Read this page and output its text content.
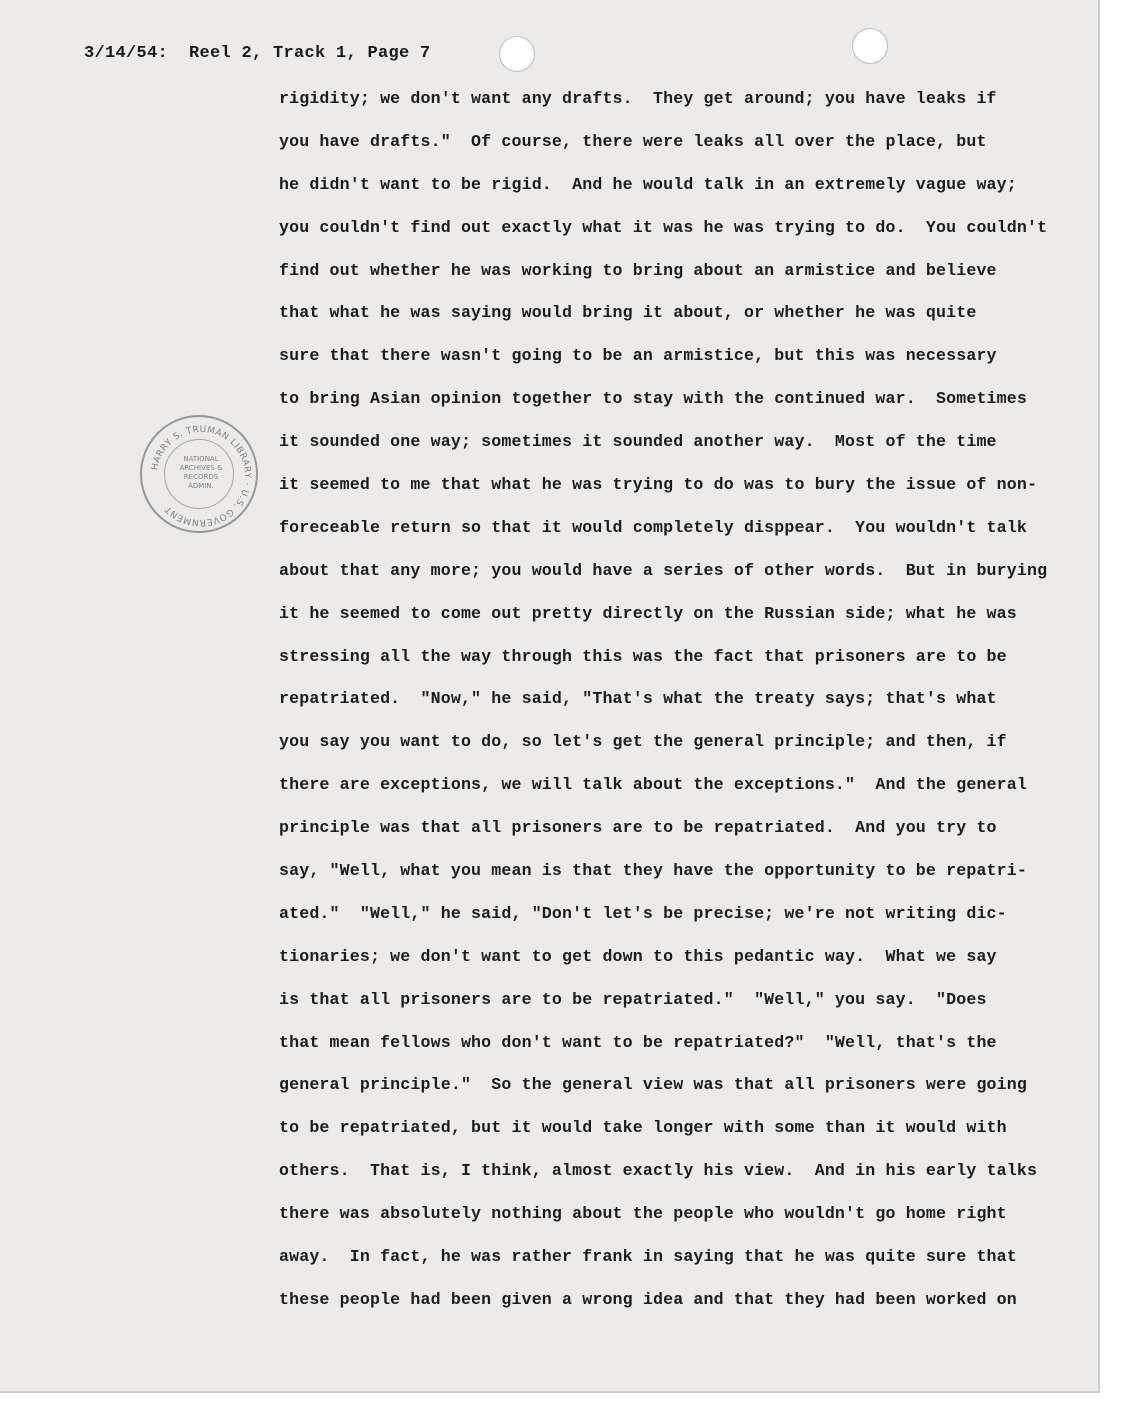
3/14/54:  Reel 2, Track 1, Page 7

rigidity; we don't want any drafts.  They get around; you have leaks if
you have drafts."  Of course, there were leaks all over the place, but
he didn't want to be rigid.  And he would talk in an extremely vague way;
you couldn't find out exactly what it was he was trying to do.  You couldn't
find out whether he was working to bring about an armistice and believe
that what he was saying would bring it about, or whether he was quite
sure that there wasn't going to be an armistice, but this was necessary
to bring Asian opinion together to stay with the continued war.  Sometimes
it sounded one way; sometimes it sounded another way.  Most of the time
it seemed to me that what he was trying to do was to bury the issue of non-
foreceable return so that it would completely disppear.  You wouldn't talk
about that any more; you would have a series of other words.  But in burying
it he seemed to come out pretty directly on the Russian side; what he was
stressing all the way through this was the fact that prisoners are to be
repatriated.  "Now," he said, "That's what the treaty says; that's what
you say you want to do, so let's get the general principle; and then, if
there are exceptions, we will talk about the exceptions."  And the general
principle was that all prisoners are to be repatriated.  And you try to
say, "Well, what you mean is that they have the opportunity to be repatri-
ated."  "Well," he said, "Don't let's be precise; we're not writing dic-
tionaries; we don't want to get down to this pedantic way.  What we say
is that all prisoners are to be repatriated."  "Well," you say.  "Does
that mean fellows who don't want to be repatriated?"  "Well, that's the
general principle."  So the general view was that all prisoners were going
to be repatriated, but it would take longer with some than it would with
others.  That is, I think, almost exactly his view.  And in his early talks
there was absolutely nothing about the people who wouldn't go home right
away.  In fact, he was rather frank in saying that he was quite sure that
these people had been given a wrong idea and that they had been worked on
HARRY S. TRUMAN LIBRARY · U.S. GOVERNMENT
NATIONAL ARCHIVES & RECORDS ADMIN.
